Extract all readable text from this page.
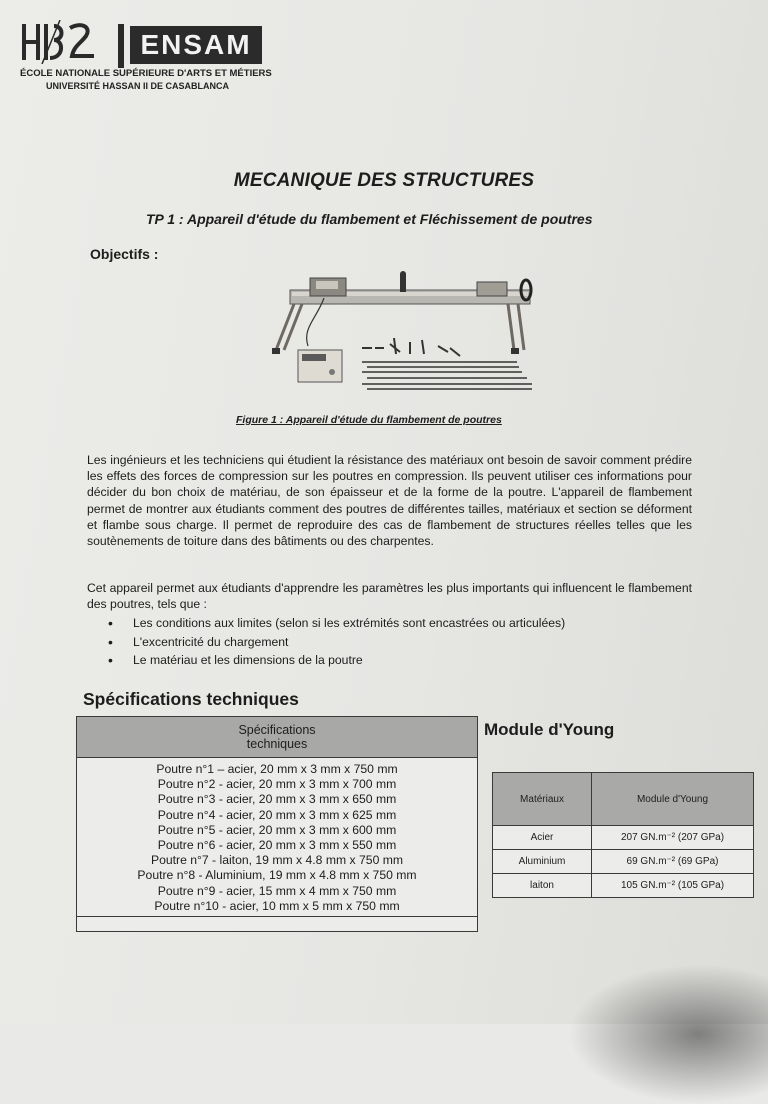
ENSAM
ÉCOLE NATIONALE SUPÉRIEURE D'ARTS ET MÉTIERS
UNIVERSITÉ HASSAN II DE CASABLANCA
MECANIQUE DES STRUCTURES
TP 1 : Appareil d'étude du flambement et Fléchissement de poutres
Objectifs :
Figure 1 : Appareil d'étude du flambement de poutres
Les ingénieurs et les techniciens qui étudient la résistance des matériaux ont besoin de savoir comment prédire les effets des forces de compression sur les poutres en compression. Ils peuvent utiliser ces informations pour décider du bon choix de matériau, de son épaisseur et de la forme de la poutre. L'appareil de flambement permet de montrer aux étudiants comment des poutres de différentes tailles, matériaux et section se déforment et flambe sous charge. Il permet de reproduire des cas de flambement de structures réelles telles que les soutènements de toiture dans des bâtiments ou des charpentes.
Cet appareil permet aux étudiants d'apprendre les paramètres les plus importants qui influencent le flambement des poutres, tels que :
• Les conditions aux limites (selon si les extrémités sont encastrées ou articulées)
• L'excentricité du chargement
• Le matériau et les dimensions de la poutre
Spécifications techniques
Spécifications techniques
Poutre n°1 – acier, 20 mm x 3 mm x 750 mm
Poutre n°2 - acier, 20 mm x 3 mm x 700 mm
Poutre n°3 - acier, 20 mm x 3 mm x 650 mm
Poutre n°4 - acier, 20 mm x 3 mm x 625 mm
Poutre n°5 - acier, 20 mm x 3 mm x 600 mm
Poutre n°6 - acier, 20 mm x 3 mm x 550 mm
Poutre n°7 - laiton, 19 mm x 4.8 mm x 750 mm
Poutre n°8 - Aluminium, 19 mm x 4.8 mm x 750 mm
Poutre n°9 - acier, 15 mm x 4 mm x 750 mm
Poutre n°10 - acier, 10 mm x 5 mm x 750 mm
Module d'Young
Matériaux	Module d'Young
Acier	207 GN.m⁻² (207 GPa)
Aluminium	69 GN.m⁻² (69 GPa)
laiton	105 GN.m⁻² (105 GPa)
